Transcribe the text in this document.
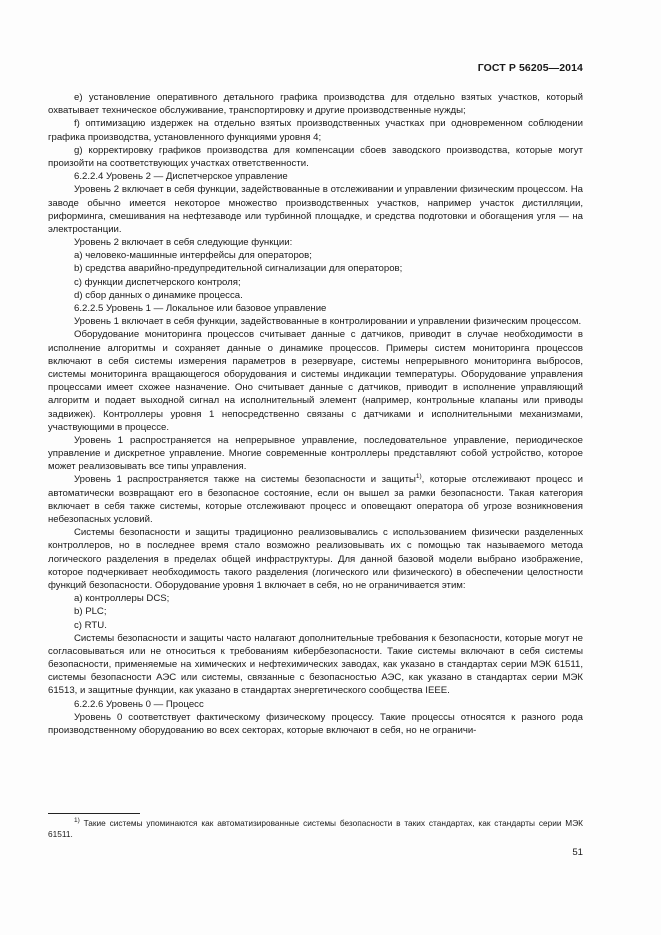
ГОСТ Р 56205—2014

e) установление оперативного детального графика производства для отдельно взятых участков, который охватывает техническое обслуживание, транспортировку и другие производственные нужды;

f) оптимизацию издержек на отдельно взятых производственных участках при одновременном соблюдении графика производства, установленного функциями уровня 4;

g) корректировку графиков производства для компенсации сбоев заводского производства, которые могут произойти на соответствующих участках ответственности.

6.2.2.4 Уровень 2 — Диспетчерское управление

Уровень 2 включает в себя функции, задействованные в отслеживании и управлении физическим процессом. На заводе обычно имеется некоторое множество производственных участков, например участок дистилляции, риформинга, смешивания на нефтезаводе или турбинной площадке, и средства подготовки и обогащения угля — на электростанции.

Уровень 2 включает в себя следующие функции:

а) человеко-машинные интерфейсы для операторов;

b) средства аварийно-предупредительной сигнализации для операторов;

c) функции диспетчерского контроля;

d) сбор данных о динамике процесса.

6.2.2.5 Уровень 1 — Локальное или базовое управление

Уровень 1 включает в себя функции, задействованные в контролировании и управлении физическим процессом.

Оборудование мониторинга процессов считывает данные с датчиков, приводит в случае необходимости в исполнение алгоритмы и сохраняет данные о динамике процессов. Примеры систем мониторинга процессов включают в себя системы измерения параметров в резервуаре, системы непрерывного мониторинга выбросов, системы мониторинга вращающегося оборудования и системы индикации температуры. Оборудование управления процессами имеет схожее назначение. Оно считывает данные с датчиков, приводит в исполнение управляющий алгоритм и подает выходной сигнал на исполнительный элемент (например, контрольные клапаны или приводы задвижек). Контроллеры уровня 1 непосредственно связаны с датчиками и исполнительными механизмами, участвующими в процессе.

Уровень 1 распространяется на непрерывное управление, последовательное управление, периодическое управление и дискретное управление. Многие современные контроллеры представляют собой устройство, которое может реализовывать все типы управления.

Уровень 1 распространяется также на системы безопасности и защиты$^{1)}$, которые отслеживают процесс и автоматически возвращают его в безопасное состояние, если он вышел за рамки безопасности. Такая категория включает в себя также системы, которые отслеживают процесс и оповещают оператора об угрозе возникновения небезопасных условий.

Системы безопасности и защиты традиционно реализовывались с использованием физически разделенных контроллеров, но в последнее время стало возможно реализовывать их с помощью так называемого метода логического разделения в пределах общей инфраструктуры. Для данной базовой модели выбрано изображение, которое подчеркивает необходимость такого разделения (логического или физического) в обеспечении целостности функций безопасности. Оборудование уровня 1 включает в себя, но не ограничивается этим:

а) контроллеры DCS;

b) PLC;

c) RTU.

Системы безопасности и защиты часто налагают дополнительные требования к безопасности, которые могут не согласовываться или не относиться к требованиям кибербезопасности. Такие системы включают в себя системы безопасности, применяемые на химических и нефтехимических заводах, как указано в стандартах серии МЭК 61511, системы безопасности АЭС или системы, связанные с безопасностью АЭС, как указано в стандартах серии МЭК 61513, и защитные функции, как указано в стандартах энергетического сообщества IEEE.

6.2.2.6 Уровень 0 — Процесс

Уровень 0 соответствует фактическому физическому процессу. Такие процессы относятся к разного рода производственному оборудованию во всех секторах, которые включают в себя, но не ограничи-

$^{1)}$ Такие системы упоминаются как автоматизированные системы безопасности в таких стандартах, как стандарты серии МЭК 61511.
51
